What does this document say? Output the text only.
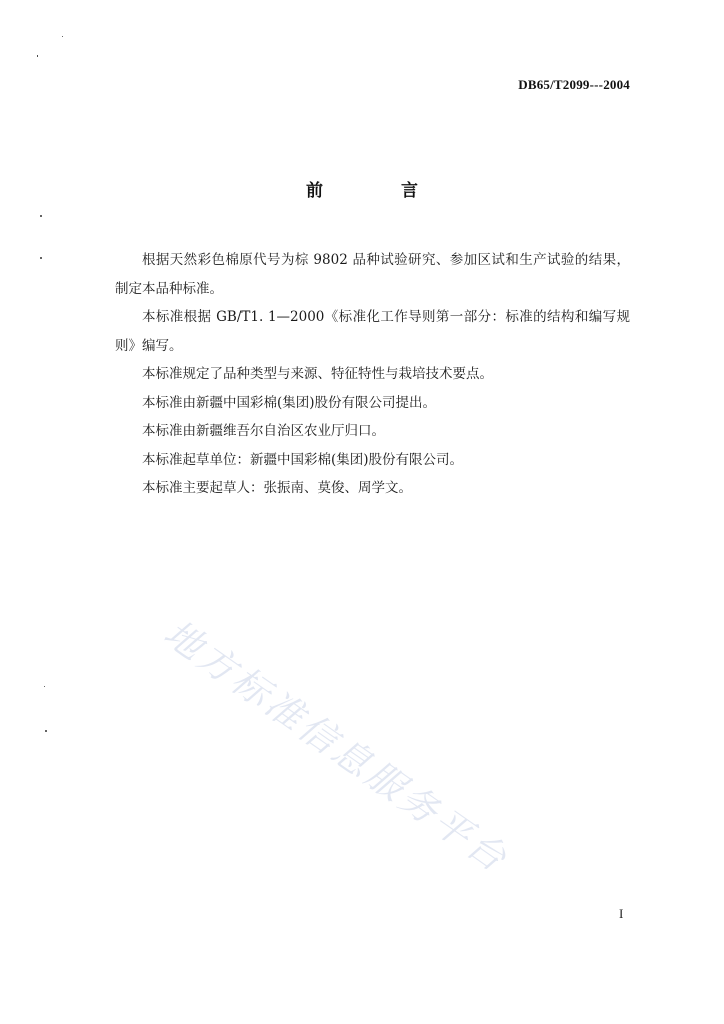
DB65/T2099---2004
前	言

根据天然彩色棉原代号为棕 9802 品种试验研究、参加区试和生产试验的结果，制定本品种标准。

本标准根据 GB/T1. 1—2000《标准化工作导则第一部分：标准的结构和编写规则》编写。

本标准规定了品种类型与来源、特征特性与栽培技术要点。

本标准由新疆中国彩棉(集团)股份有限公司提出。

本标准由新疆维吾尔自治区农业厅归口。

本标准起草单位：新疆中国彩棉(集团)股份有限公司。

本标准主要起草人：张振南、莫俊、周学文。

地方标准信息服务平台
I
